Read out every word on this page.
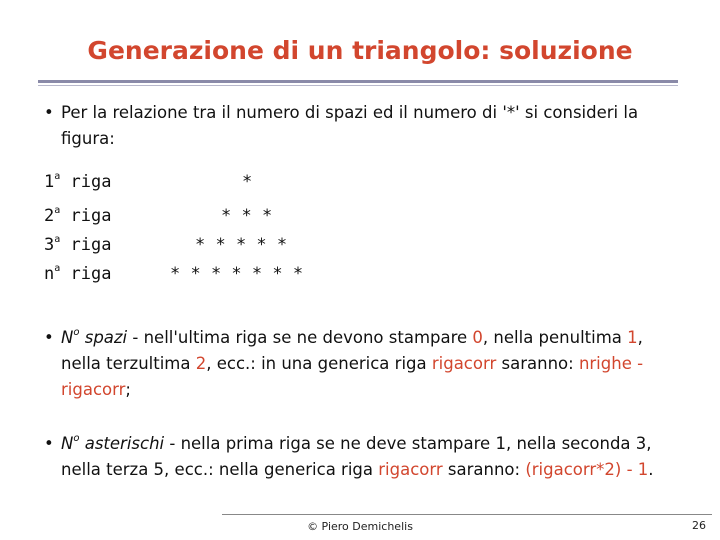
Generazione di un triangolo: soluzione
• Per la relazione tra il numero di spazi ed il numero di '*' si consideri la figura:
1$^a$ riga	*
2$^a$ riga	* * *
3$^a$ riga	* * * * *
$n^a$ riga	* * * * * * *
• $N^o$ spazi - nell'ultima riga se ne devono stampare 0, nella penultima 1, nella terzultima 2, ecc.: in una generica riga rigacorr saranno: nrighe - rigacorr;
• $N^o$ asterischi - nella prima riga se ne deve stampare 1, nella seconda 3, nella terza 5, ecc.: nella generica riga rigacorr saranno: (rigacorr*2) - 1.
© Piero Demichelis	26
